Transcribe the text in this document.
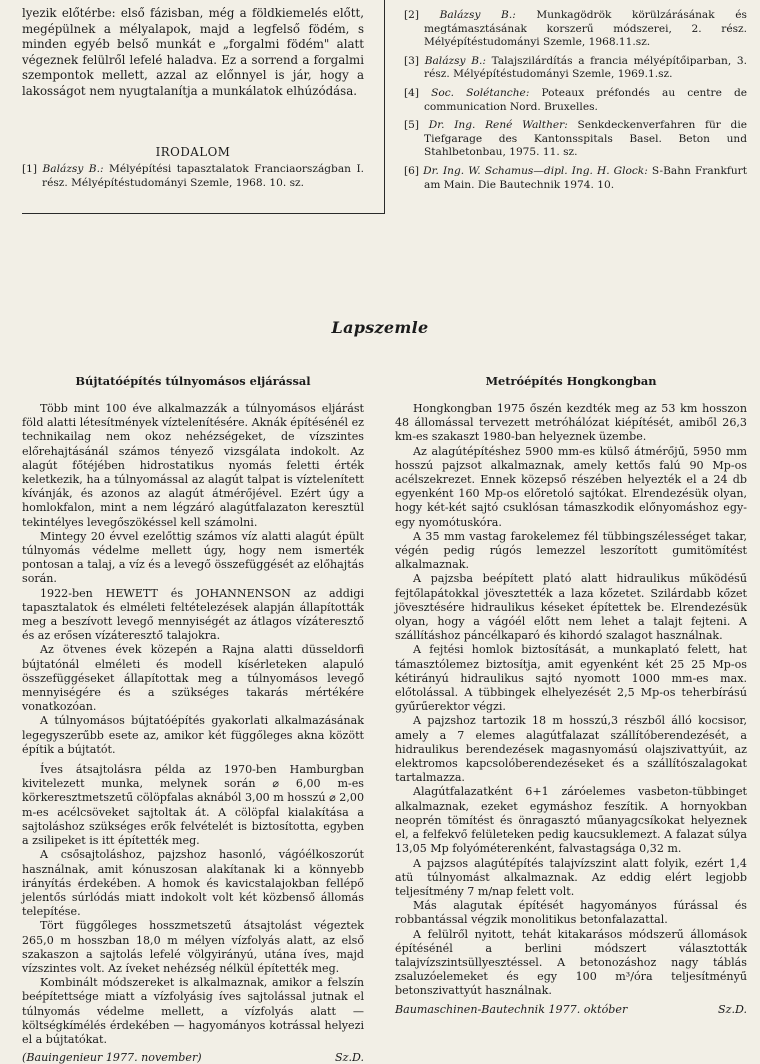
lyezik előtérbe: első fázisban, még a földkiemelés előtt, megépülnek a mélyalapok, majd a legfelső födém, s minden egyéb belső munkát e „forgalmi födém" alatt végeznek felülről lefelé haladva. Ez a sorrend a forgalmi szempontok mellett, azzal az előnnyel is jár, hogy a lakosságot nem nyugtalanítja a munkálatok elhúzódása.

IRODALOM

[1] Balázsy B.: Mélyépítési tapasztalatok Franciaországban I. rész. Mélyépítéstudományi Szemle, 1968. 10. sz.

[2] Balázsy B.: Munkagödrök körülzárásának és megtámasztásának korszerű módszerei, 2. rész. Mélyépítéstudományi Szemle, 1968.11.sz.

[3] Balázsy B.: Talajszilárdítás a francia mélyépítőiparban, 3. rész. Mélyépítéstudományi Szemle, 1969.1.sz.

[4] Soc. Solétanche: Poteaux préfondés au centre de communication Nord. Bruxelles.

[5] Dr. Ing. René Walther: Senkdeckenverfahren für die Tiefgarage des Kantonsspitals Basel. Beton und Stahlbetonbau, 1975. 11. sz.

[6] Dr. Ing. W. Schamus—dipl. Ing. H. Glock: S-Bahn Frankfurt am Main. Die Bautechnik 1974. 10.

Lapszemle
Bújtatóépítés túlnyomásos eljárással

Több mint 100 éve alkalmazzák a túlnyomásos eljárást föld alatti létesítmények víztelenítésére. Aknák építésénél ez technikailag nem okoz nehézségeket, de vízszintes előrehajtásánál számos tényező vizsgálata indokolt. Az alagút főtéjében hidrostatikus nyomás feletti érték keletkezik, ha a túlnyomással az alagút talpat is víztelenített kívánják, és azonos az alagút átmérőjével. Ezért úgy a homlokfalon, mint a nem légzáró alagútfalazaton keresztül tekintélyes levegőszökéssel kell számolni.

Mintegy 20 évvel ezelőttig számos víz alatti alagút épült túlnyomás védelme mellett úgy, hogy nem ismerték pontosan a talaj, a víz és a levegő összefüggését az előhajtás során.

1922-ben HEWETT és JOHANNENSON az addigi tapasztalatok és elméleti feltételezések alapján állapították meg a beszívott levegő mennyiségét az átlagos vízáteresztő és az erősen vízáteresztő talajokra.

Az ötvenes évek közepén a Rajna alatti düsseldorfi bújtatónál elméleti és modell kísérleteken alapuló összefüggéseket állapítottak meg a túlnyomásos levegő mennyiségére és a szükséges takarás mértékére vonatkozóan.

A túlnyomásos bújtatóépítés gyakorlati alkalmazásának legegyszerűbb esete az, amikor két függőleges akna között építik a bújtatót.

Íves átsajtolásra példa az 1970-ben Hamburgban kivitelezett munka, melynek során ⌀ 6,00 m-es körkeresztmetszetű cölöpfalas aknából 3,00 m hosszú ⌀ 2,00 m-es acélcsöveket sajtoltak át. A cölöpfal kialakítása a sajtoláshoz szükséges erők felvételét is biztosította, egyben a zsilipeket is itt építették meg.

A csősajtoláshoz, pajzshoz hasonló, vágóélkoszorút használnak, amit kónuszosan alakítanak ki a könnyebb irányítás érdekében. A homok és kavicstalajokban fellépő jelentős súrlódás miatt indokolt volt két közbenső állomás telepítése.

Tört függőleges hosszmetszetű átsajtolást végeztek 265,0 m hosszban 18,0 m mélyen vízfolyás alatt, az első szakaszon a sajtolás lefelé völgyirányú, utána íves, majd vízszintes volt. Az íveket nehézség nélkül építették meg.

Kombinált módszereket is alkalmaznak, amikor a felszín beépítettsége miatt a vízfolyásig íves sajtolással jutnak el túlnyomás védelme mellett, a vízfolyás alatt — költségkímélés érdekében — hagyományos kotrással helyezi el a bújtatókat.

(Bauingenieur 1977. november)	Sz.D.
Metróépítés Hongkongban

Hongkongban 1975 őszén kezdték meg az 53 km hosszon 48 állomással tervezett metróhálózat kiépítését, amiből 26,3 km-es szakaszt 1980-ban helyeznek üzembe.

Az alagútépítéshez 5900 mm-es külső átmérőjű, 5950 mm hosszú pajzsot alkalmaznak, amely kettős falú 90 Mp-os acélszekrezet. Ennek közepső részében helyezték el a 24 db egyenként 160 Mp-os előretoló sajtókat. Elrendezésük olyan, hogy két-két sajtó csuklósan támaszkodik előnyomáshoz egy-egy nyomótuskóra.

A 35 mm vastag farokelemez fél tübbingszélességet takar, végén pedig rúgós lemezzel leszorított gumitömítést alkalmaznak.

A pajzsba beépített plató alatt hidraulikus működésű fejtőlapátokkal jövesztették a laza kőzetet. Szilárdabb kőzet jövesztésére hidraulikus késeket építettek be. Elrendezésük olyan, hogy a vágóél előtt nem lehet a talajt fejteni. A szállításhoz páncélkaparó és kihordó szalagot használnak.

A fejtési homlok biztosítását, a munkaplató felett, hat támasztólemez biztosítja, amit egyenként két 25 25 Mp-os kétirányú hidraulikus sajtó nyomott 1000 mm-es max. előtolással. A tübbingek elhelyezését 2,5 Mp-os teherbírású gyűrűerektor végzi.

A pajzshoz tartozik 18 m hosszú,3 részből álló kocsisor, amely a 7 elemes alagútfalazat szállítóberendezését, a hidraulikus berendezések magasnyomású olajszivattyúit, az elektromos kapcsolóberendezéseket és a szállítószalagokat tartalmazza.

Alagútfalazatként 6+1 záróelemes vasbeton-tübbinget alkalmaznak, ezeket egymáshoz feszítik. A hornyokban neoprén tömítést és önragasztó műanyagcsíkokat helyeznek el, a felfekvő felületeken pedig kaucsuklemezt. A falazat súlya 13,05 Mp folyóméterenként, falvastagsága 0,32 m.

A pajzsos alagútépítés talajvízszint alatt folyik, ezért 1,4 atü túlnyomást alkalmaznak. Az eddig elért legjobb teljesítmény 7 m/nap felett volt.

Más alagutak építését hagyományos fúrással és robbantással végzik monolitikus betonfalazattal.

A felülről nyitott, tehát kitakarásos módszerű állomások építésénél a berlini módszert választották talajvízszintsüllyesztéssel. A betonozáshoz nagy táblás zsaluzóelemeket és egy 100 m³/óra teljesítményű betonszivattyút használnak.

Baumaschinen-Bautechnik 1977. október	Sz.D.
